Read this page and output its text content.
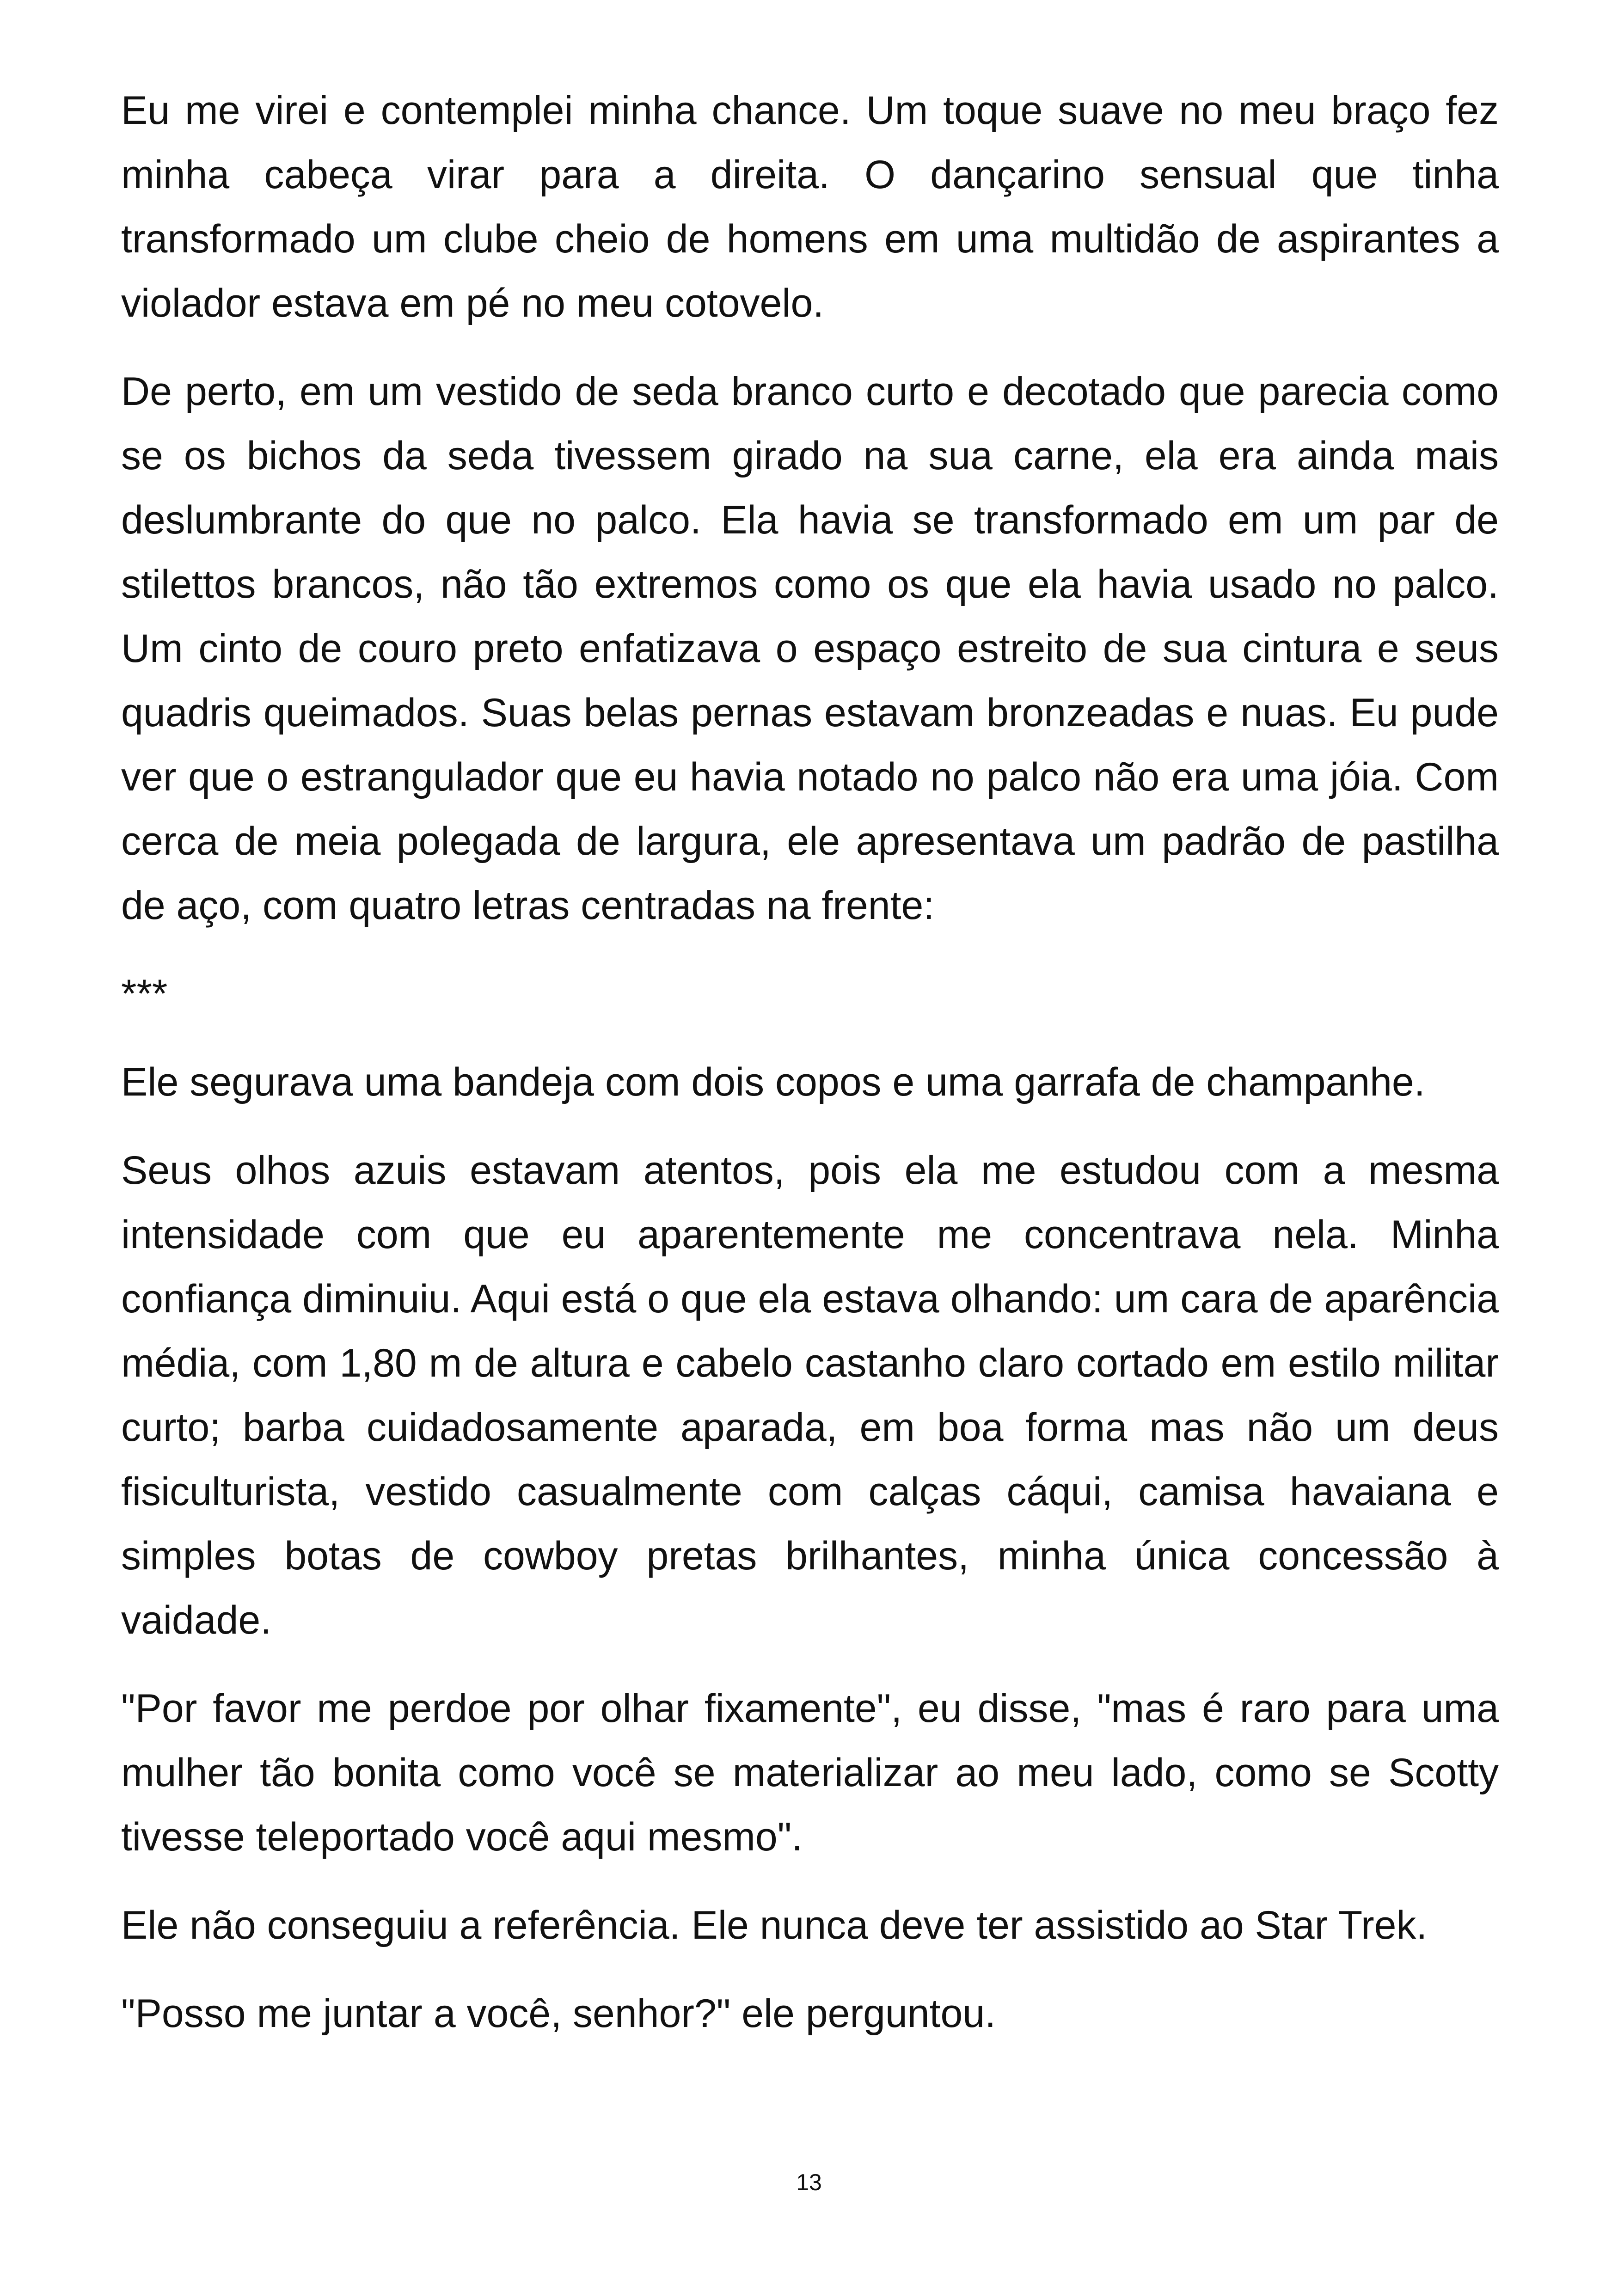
Eu me virei e contemplei minha chance. Um toque suave no meu braço fez minha cabeça virar para a direita. O dançarino sensual que tinha transformado um clube cheio de homens em uma multidão de aspirantes a violador estava em pé no meu cotovelo.

De perto, em um vestido de seda branco curto e decotado que parecia como se os bichos da seda tivessem girado na sua carne, ela era ainda mais deslumbrante do que no palco. Ela havia se transformado em um par de stilettos brancos, não tão extremos como os que ela havia usado no palco. Um cinto de couro preto enfatizava o espaço estreito de sua cintura e seus quadris queimados. Suas belas pernas estavam bronzeadas e nuas. Eu pude ver que o estrangulador que eu havia notado no palco não era uma jóia. Com cerca de meia polegada de largura, ele apresentava um padrão de pastilha de aço, com quatro letras centradas na frente:

***

Ele segurava uma bandeja com dois copos e uma garrafa de champanhe.

Seus olhos azuis estavam atentos, pois ela me estudou com a mesma intensidade com que eu aparentemente me concentrava nela. Minha confiança diminuiu. Aqui está o que ela estava olhando: um cara de aparência média, com 1,80 m de altura e cabelo castanho claro cortado em estilo militar curto; barba cuidadosamente aparada, em boa forma mas não um deus fisiculturista, vestido casualmente com calças cáqui, camisa havaiana e simples botas de cowboy pretas brilhantes, minha única concessão à vaidade.

"Por favor me perdoe por olhar fixamente", eu disse, "mas é raro para uma mulher tão bonita como você se materializar ao meu lado, como se Scotty tivesse teleportado você aqui mesmo".

Ele não conseguiu a referência. Ele nunca deve ter assistido ao Star Trek.

"Posso me juntar a você, senhor?" ele perguntou.

13
